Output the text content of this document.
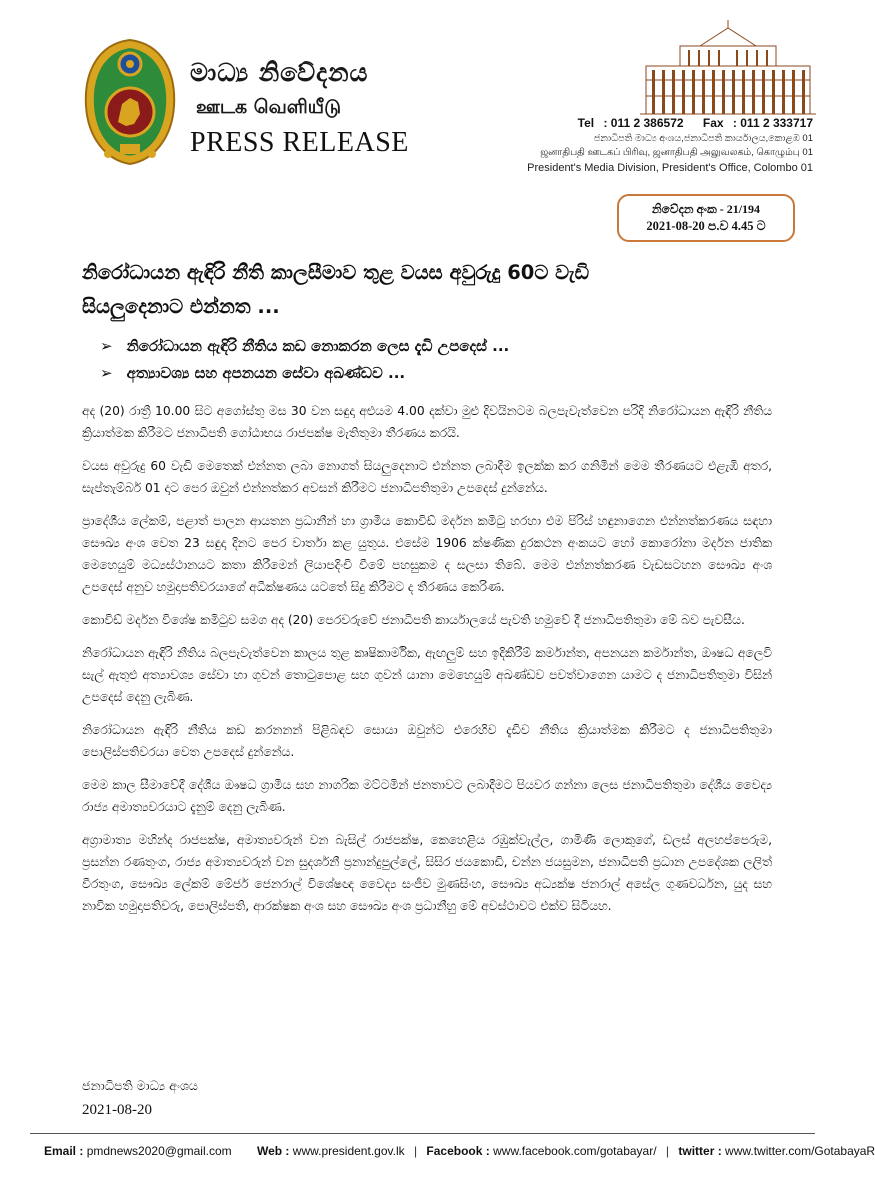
මාධ්‍ය නිවේදනය
ஊடக வெளியீடு
PRESS RELEASE
Tel : 011 2 386572 Fax : 011 2 333717
ජනාධිපති මාධ්‍ය අංශය,ජනාධිපති කාර්යාලය,කොළඹ 01
ஜனாதிபதி ஊடகப் பிரிவு, ஜனாதிபதி அலுவலகம், கொழும்பு 01
President's Media Division, President's Office, Colombo 01
නිවේදන අංක - 21/194
2021-08-20 ප.ව 4.45 ට
නිරෝධායන ඇඳිරි නීති කාලසීමාව තුළ වයස අවුරුදු 60ට වැඩි
සියලුදෙනාට එන්නත ...
➢ නිරෝධායන ඇඳිරි නීතිය කඩ නොකරන ලෙස දැඩි උපදෙස් ...
➢ අත්‍යාවශ්‍ය සහ අපනයන සේවා අඛණ්ඩව ...

අද (20) රාත්‍රී 10.00 සිට අගෝස්තු මස 30 වන සඳුදා අළුයම 4.00 දක්වා මුළු දිවයිනටම බලපැවැත්වෙන පරිදි නිරෝධායන ඇඳිරි නීතිය ක්‍රියාත්මක කිරීමට ජනාධිපති ගෝඨාභය රාජපක්ෂ මැතිතුමා තීරණය කරයි.

වයස අවුරුදු 60 වැඩි මෙතෙක් එන්නත ලබා නොගත් සියලුදෙනාට එන්නත ලබාදීම ඉලක්ක කර ගනිමින් මෙම තීරණයට එළැඹි අතර, සැප්තැම්බර් 01 දාට පෙර ඔවුන් එන්නත්කර අවසන් කිරීමට ජනාධිපතිතුමා උපදෙස් දුන්නේය.

ප්‍රාදේශීය ලේකම්, පළාත් පාලන ආයතන ප්‍රධානීන් හා ග්‍රාමීය කොවිඩ් මර්දන කමිටු හරහා එම පිරිස් හඳුනාගෙන එන්නත්කරණය සඳහා සෞඛ්‍ය අංශ වෙත 23 සඳුදා දිනට පෙර වාර්තා කළ යුතුය. එසේම 1906 ක්ෂණික දුරකථන අංකයට හෝ කොරෝනා මර්දන ජාතික මෙහෙයුම් මධ්‍යස්ථානයට කතා කිරීමෙන් ලියාපදිංචි වීමේ පහසුකම ද සලසා තිබේ. මෙම එන්නත්කරණ වැඩසටහන සෞඛ්‍ය අංශ උපදෙස් අනුව හමුදාපතිවරයාගේ අධීක්ෂණය යටතේ සිදු කිරීමට ද තීරණය කෙරිණ.

කොවිඩ් මර්දන විශේෂ කමිටුව සමග අද (20) පෙරවරුවේ ජනාධිපති කාර්යාලයේ පැවති හමුවේ දී ජනාධිපතිතුමා මේ බව පැවසීය.

නිරෝධායන ඇඳිරි නීතිය බලපැවැත්වෙන කාලය තුළ කෘෂිකාර්මික, ඇඟලුම් සහ ඉදිකිරීම් කර්මාන්ත, අපනයන කර්මාන්ත, ඖෂධ අලෙවි සැල් ඇතුළු අත්‍යාවශ්‍ය සේවා හා ගුවන් තොටුපොළ සහ ගුවන් යානා මෙහෙයුම් අඛණ්ඩව පවත්වාගෙන යාමට ද ජනාධිපතිතුමා විසින් උපදෙස් දෙනු ලැබිණ.

නිරෝධායන ඇඳිරි නීතිය කඩ කරනනන් පිළිබඳව සොයා ඔවුන්ට එරෙහිව දැඩිව නීතිය ක්‍රියාත්මක කිරීමට ද ජනාධිපතිතුමා පොලිස්පතිවරයා වෙත උපදෙස් දුන්නේය.

මෙම කාල සීමාවේදී දේශීය ඖෂධ ග්‍රාමීය සහ නාගරික මට්ටමින් ජනතාවට ලබාදීමට පියවර ගන්නා ලෙස ජනාධිපතිතුමා දේශීය වෛද්‍ය රාජ්‍ය අමාත්‍යවරයාට දැනුම් දෙනු ලැබිණ.

අග්‍රාමාත්‍ය මහින්ද රාජපක්ෂ, අමාත්‍යවරුන් වන බැසිල් රාජපක්ෂ, කෙහෙළිය රඹුක්වැල්ල, ගාමිණී ලොකුගේ, ඩලස් අලහප්පෙරුම, ප්‍රසන්න රණතුංග, රාජ්‍ය අමාත්‍යවරුන් වන සුදර්ශනී ප්‍රනාන්දුපුල්ලේ, සිසිර ජයකොඩි, චන්න ජයසුමන, ජනාධිපති ප්‍රධාන උපදේශක ලලිත් වීරතුංග, සෞඛ්‍ය ලේකම් මේජර් ජෙනරාල් විශේෂඥ වෛද්‍ය සංජීව මුණසිංහ, සෞඛ්‍ය අධ්‍යක්ෂ ජනරාල් අසේල ගුණවර්ධන, යුද සහ නාවික හමුදාපතිවරු, පොලිස්පති, ආරක්ෂක අංශ සහ සෞඛ්‍ය අංශ ප්‍රධානීහු මේ අවස්ථාවට එක්ව සිටියහ.

ජනාධිපති මාධ්‍ය අංශය
2021-08-20
Email : pmdnews2020@gmail.com Web : www.president.gov.lk | Facebook : www.facebook.com/gotabayar/ | twitter : www.twitter.com/GotabayaR
